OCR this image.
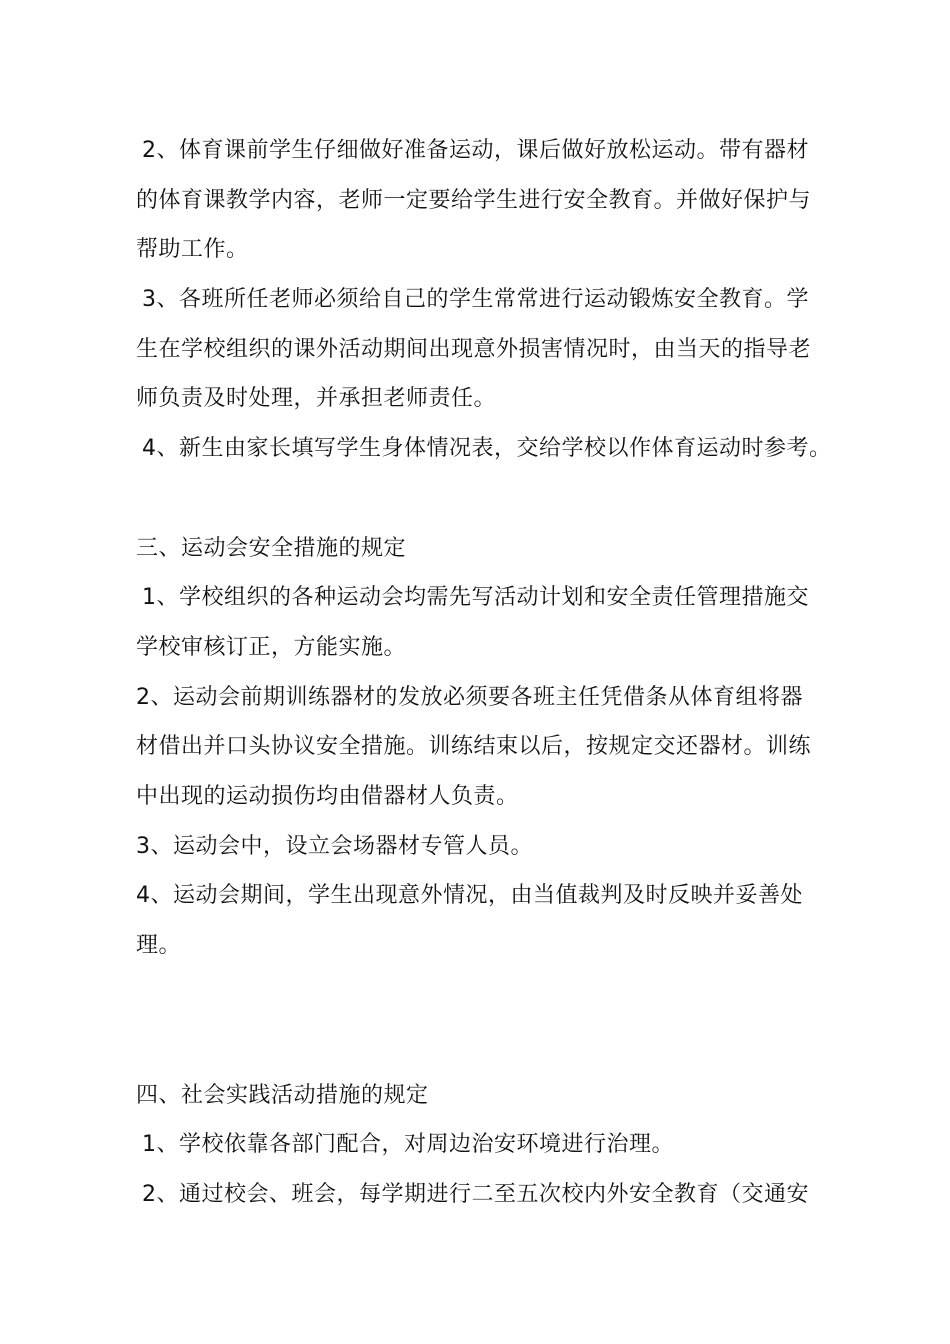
2、体育课前学生仔细做好准备运动，课后做好放松运动。带有器材
的体育课教学内容，老师一定要给学生进行安全教育。并做好保护与
帮助工作。
3、各班所任老师必须给自己的学生常常进行运动锻炼安全教育。学
生在学校组织的课外活动期间出现意外损害情况时，由当天的指导老
师负责及时处理，并承担老师责任。
4、新生由家长填写学生身体情况表，交给学校以作体育运动时参考。
三、运动会安全措施的规定
1、学校组织的各种运动会均需先写活动计划和安全责任管理措施交
学校审核订正，方能实施。
2、运动会前期训练器材的发放必须要各班主任凭借条从体育组将器
材借出并口头协议安全措施。训练结束以后，按规定交还器材。训练
中出现的运动损伤均由借器材人负责。
3、运动会中，设立会场器材专管人员。
4、运动会期间，学生出现意外情况，由当值裁判及时反映并妥善处
理。
四、社会实践活动措施的规定
1、学校依靠各部门配合，对周边治安环境进行治理。
2、通过校会、班会，每学期进行二至五次校内外安全教育（交通安
